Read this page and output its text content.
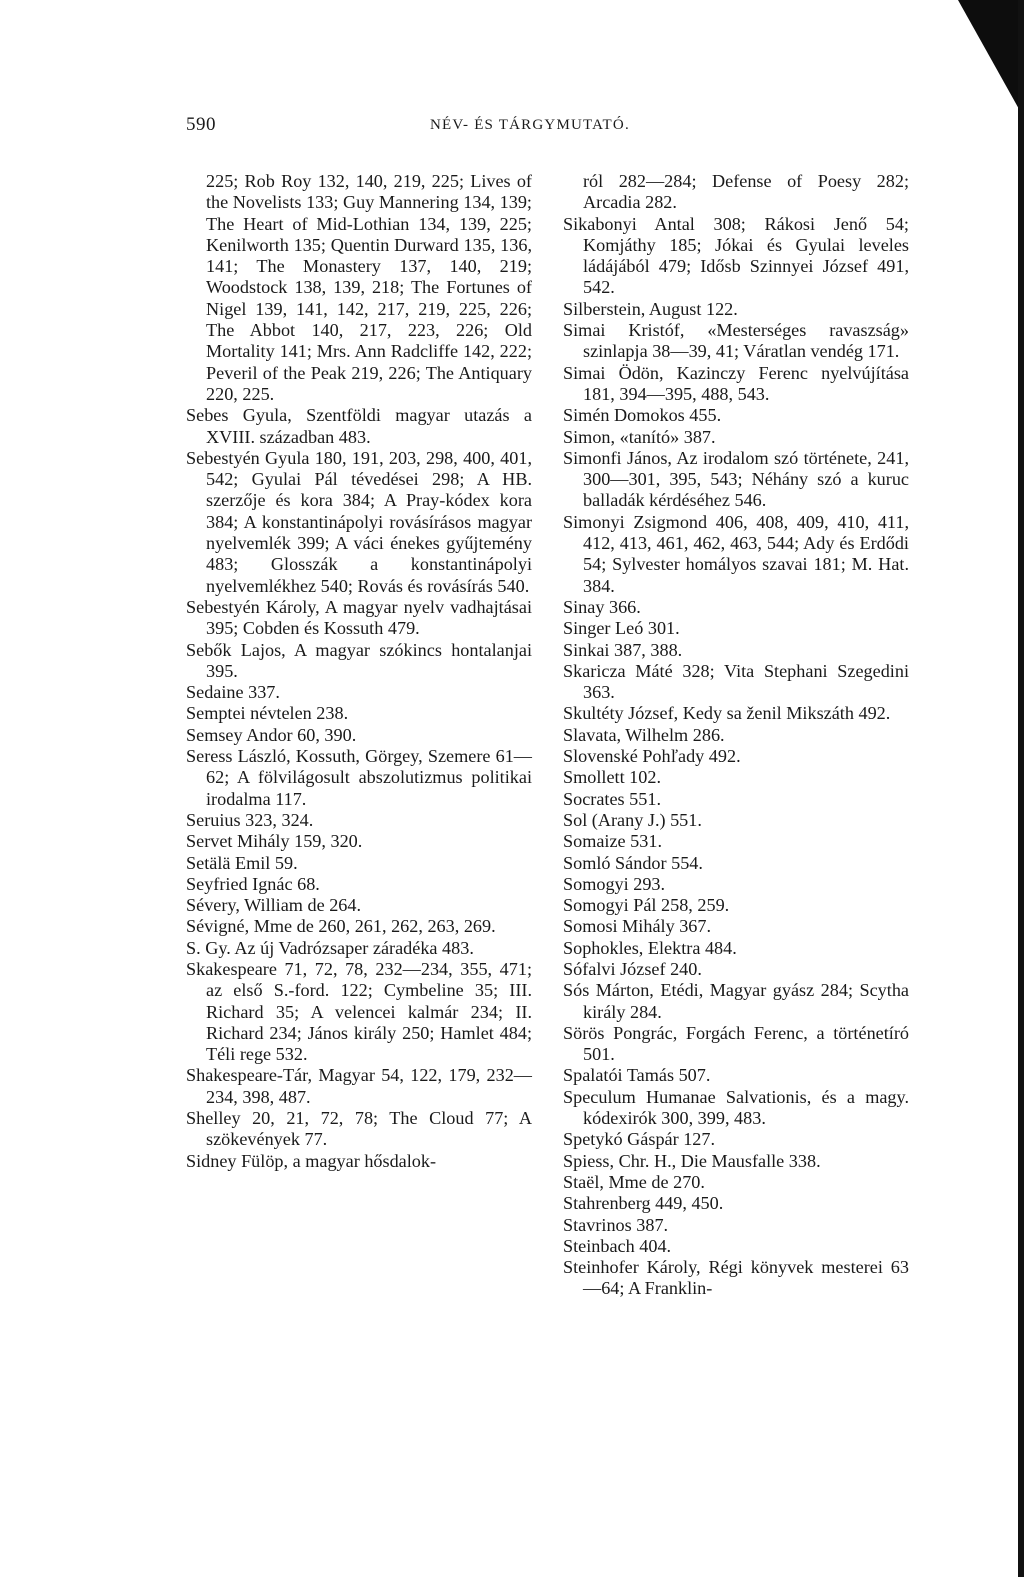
590	NÉV- ÉS TÁRGYMUTATÓ.

225; Rob Roy 132, 140, 219, 225; Lives of the Novelists 133; Guy Mannering 134, 139; The Heart of Mid-Lothian 134, 139, 225; Kenilworth 135; Quentin Durward 135, 136, 141; The Monastery 137, 140, 219; Woodstock 138, 139, 218; The Fortunes of Nigel 139, 141, 142, 217, 219, 225, 226; The Abbot 140, 217, 223, 226; Old Mortality 141; Mrs. Ann Radcliffe 142, 222; Peveril of the Peak 219, 226; The Antiquary 220, 225.

Sebes Gyula, Szentföldi magyar utazás a XVIII. században 483.

Sebestyén Gyula 180, 191, 203, 298, 400, 401, 542; Gyulai Pál tévedései 298; A HB. szerzője és kora 384; A Pray-kódex kora 384; A konstantinápolyi rovásírásos magyar nyelvemlék 399; A váci énekes gyűjtemény 483; Glosszák a konstantinápolyi nyelvemlékhez 540; Rovás és rovásírás 540.

Sebestyén Károly, A magyar nyelv vadhajtásai 395; Cobden és Kossuth 479.

Sebők Lajos, A magyar szókincs hontalanjai 395.

Sedaine 337.

Semptei névtelen 238.

Semsey Andor 60, 390.

Seress László, Kossuth, Görgey, Szemere 61—62; A fölvilágosult abszolutizmus politikai irodalma 117.

Seruius 323, 324.

Servet Mihály 159, 320.

Setälä Emil 59.

Seyfried Ignác 68.

Sévery, William de 264.

Sévigné, Mme de 260, 261, 262, 263, 269.

S. Gy. Az új Vadrózsaper záradéka 483.

Skakespeare 71, 72, 78, 232—234, 355, 471; az első S.-ford. 122; Cymbeline 35; III. Richard 35; A velencei kalmár 234; II. Richard 234; János király 250; Hamlet 484; Téli rege 532.

Shakespeare-Tár, Magyar 54, 122, 179, 232—234, 398, 487.

Shelley 20, 21, 72, 78; The Cloud 77; A szökevények 77.

Sidney Fülöp, a magyar hősdalok-

ról 282—284; Defense of Poesy 282; Arcadia 282.

Sikabonyi Antal 308; Rákosi Jenő 54; Komjáthy 185; Jókai és Gyulai leveles ládájából 479; Idősb Szinnyei József 491, 542.

Silberstein, August 122.

Simai Kristóf, «Mesterséges ravaszság» szinlapja 38—39, 41; Váratlan vendég 171.

Simai Ödön, Kazinczy Ferenc nyelvújítása 181, 394—395, 488, 543.

Simén Domokos 455.

Simon, «tanító» 387.

Simonfi János, Az irodalom szó története, 241, 300—301, 395, 543; Néhány szó a kuruc balladák kérdéséhez 546.

Simonyi Zsigmond 406, 408, 409, 410, 411, 412, 413, 461, 462, 463, 544; Ady és Erdődi 54; Sylvester homályos szavai 181; M. Hat. 384.

Sinay 366.

Singer Leó 301.

Sinkai 387, 388.

Skaricza Máté 328; Vita Stephani Szegedini 363.

Skultéty József, Kedy sa ženil Mikszáth 492.

Slavata, Wilhelm 286.

Slovenské Pohľady 492.

Smollett 102.

Socrates 551.

Sol (Arany J.) 551.

Somaize 531.

Somló Sándor 554.

Somogyi 293.

Somogyi Pál 258, 259.

Somosi Mihály 367.

Sophokles, Elektra 484.

Sófalvi József 240.

Sós Márton, Etédi, Magyar gyász 284; Scytha király 284.

Sörös Pongrác, Forgách Ferenc, a történetíró 501.

Spalatói Tamás 507.

Speculum Humanae Salvationis, és a magy. kódexirók 300, 399, 483.

Spetykó Gáspár 127.

Spiess, Chr. H., Die Mausfalle 338.

Staël, Mme de 270.

Stahrenberg 449, 450.

Stavrinos 387.

Steinbach 404.

Steinhofer Károly, Régi könyvek mesterei 63—64; A Franklin-
